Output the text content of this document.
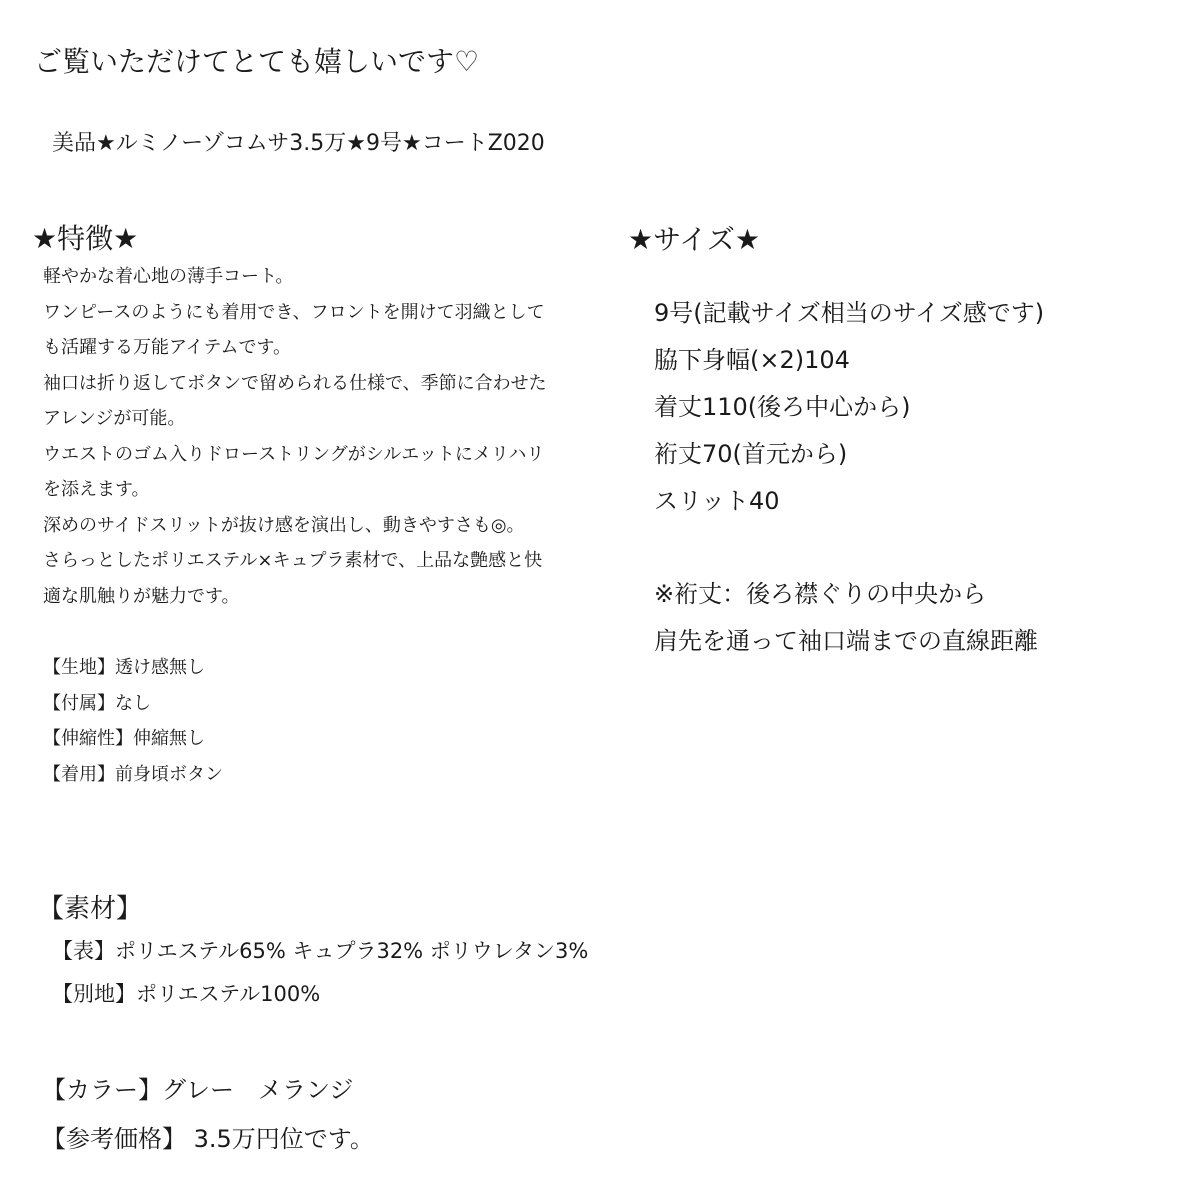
ご覧いただけてとても嬉しいです♡
美品★ルミノーゾコムサ3.5万★9号★コートZ020
★特徴★
軽やかな着心地の薄手コート。
ワンピースのようにも着用でき、フロントを開けて羽織として
も活躍する万能アイテムです。
袖口は折り返してボタンで留められる仕様で、季節に合わせた
アレンジが可能。
ウエストのゴム入りドローストリングがシルエットにメリハリ
を添えます。
深めのサイドスリットが抜け感を演出し、動きやすさも◎。
さらっとしたポリエステル×キュプラ素材で、上品な艶感と快
適な肌触りが魅力です。
【生地】透け感無し
【付属】なし
【伸縮性】伸縮無し
【着用】前身頃ボタン
★サイズ★
9号(記載サイズ相当のサイズ感です)
脇下身幅(×2)104
着丈110(後ろ中心から)
裄丈70(首元から)
スリット40
※裄丈：後ろ襟ぐりの中央から
肩先を通って袖口端までの直線距離
【素材】
【表】ポリエステル65% キュプラ32% ポリウレタン3%
【別地】ポリエステル100%
【カラー】グレー　メランジ
【参考価格】 3.5万円位です。
